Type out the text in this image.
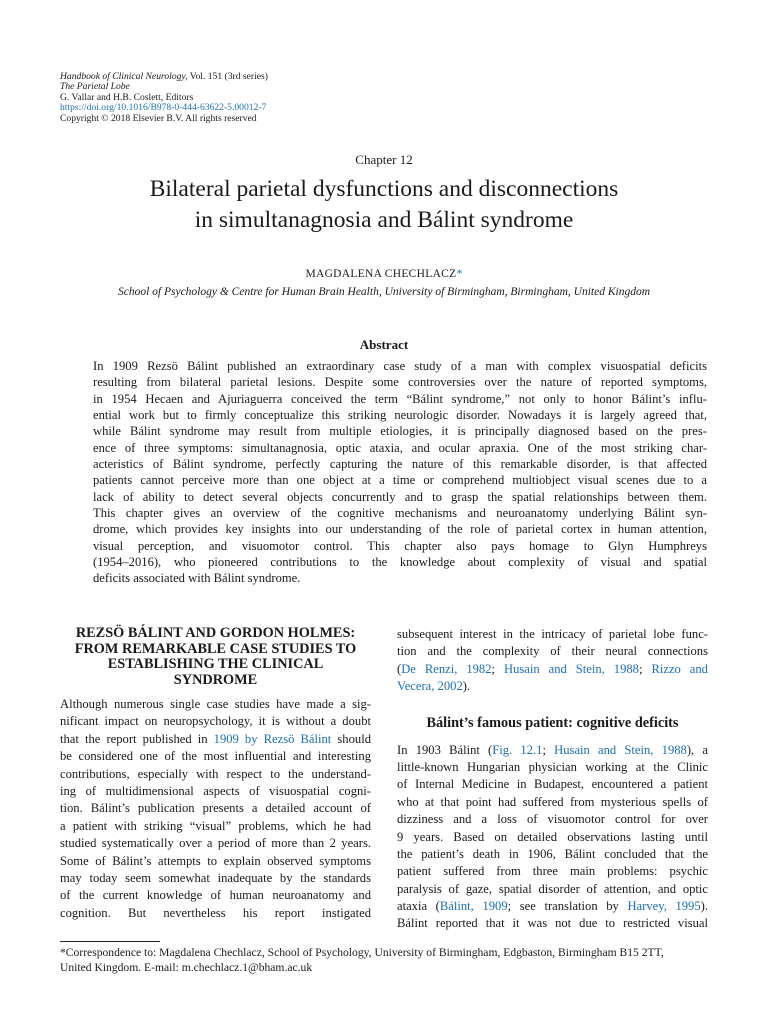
Handbook of Clinical Neurology, Vol. 151 (3rd series)
The Parietal Lobe
G. Vallar and H.B. Coslett, Editors
https://doi.org/10.1016/B978-0-444-63622-5.00012-7
Copyright © 2018 Elsevier B.V. All rights reserved
Chapter 12
Bilateral parietal dysfunctions and disconnections
in simultanagnosia and Bálint syndrome
MAGDALENA CHECHLACZ*
School of Psychology & Centre for Human Brain Health, University of Birmingham, Birmingham, United Kingdom
Abstract
In 1909 Rezsö Bálint published an extraordinary case study of a man with complex visuospatial deficits
resulting from bilateral parietal lesions. Despite some controversies over the nature of reported symptoms,
in 1954 Hecaen and Ajuriaguerra conceived the term “Bálint syndrome,” not only to honor Bálint’s influ-
ential work but to firmly conceptualize this striking neurologic disorder. Nowadays it is largely agreed that,
while Bálint syndrome may result from multiple etiologies, it is principally diagnosed based on the pres-
ence of three symptoms: simultanagnosia, optic ataxia, and ocular apraxia. One of the most striking char-
acteristics of Bálint syndrome, perfectly capturing the nature of this remarkable disorder, is that affected
patients cannot perceive more than one object at a time or comprehend multiobject visual scenes due to a
lack of ability to detect several objects concurrently and to grasp the spatial relationships between them.
This chapter gives an overview of the cognitive mechanisms and neuroanatomy underlying Bálint syn-
drome, which provides key insights into our understanding of the role of parietal cortex in human attention,
visual perception, and visuomotor control. This chapter also pays homage to Glyn Humphreys
(1954–2016), who pioneered contributions to the knowledge about complexity of visual and spatial
deficits associated with Bálint syndrome.
REZSÖ BÁLINT AND GORDON HOLMES:
FROM REMARKABLE CASE STUDIES TO
ESTABLISHING THE CLINICAL
SYNDROME
Although numerous single case studies have made a sig-
nificant impact on neuropsychology, it is without a doubt
that the report published in 1909 by Rezsö Bálint should
be considered one of the most influential and interesting
contributions, especially with respect to the understand-
ing of multidimensional aspects of visuospatial cogni-
tion. Bálint’s publication presents a detailed account of
a patient with striking “visual” problems, which he had
studied systematically over a period of more than 2 years.
Some of Bálint’s attempts to explain observed symptoms
may today seem somewhat inadequate by the standards
of the current knowledge of human neuroanatomy and
cognition. But nevertheless his report instigated
subsequent interest in the intricacy of parietal lobe func-
tion and the complexity of their neural connections
(De Renzi, 1982; Husain and Stein, 1988; Rizzo and
Vecera, 2002).
Bálint’s famous patient: cognitive deficits
In 1903 Bálint (Fig. 12.1; Husain and Stein, 1988), a
little-known Hungarian physician working at the Clinic
of Internal Medicine in Budapest, encountered a patient
who at that point had suffered from mysterious spells of
dizziness and a loss of visuomotor control for over
9 years. Based on detailed observations lasting until
the patient’s death in 1906, Bálint concluded that the
patient suffered from three main problems: psychic
paralysis of gaze, spatial disorder of attention, and optic
ataxia (Bálint, 1909; see translation by Harvey, 1995).
Bálint reported that it was not due to restricted visual
*Correspondence to: Magdalena Chechlacz, School of Psychology, University of Birmingham, Edgbaston, Birmingham B15 2TT,
United Kingdom. E-mail: m.chechlacz.1@bham.ac.uk
